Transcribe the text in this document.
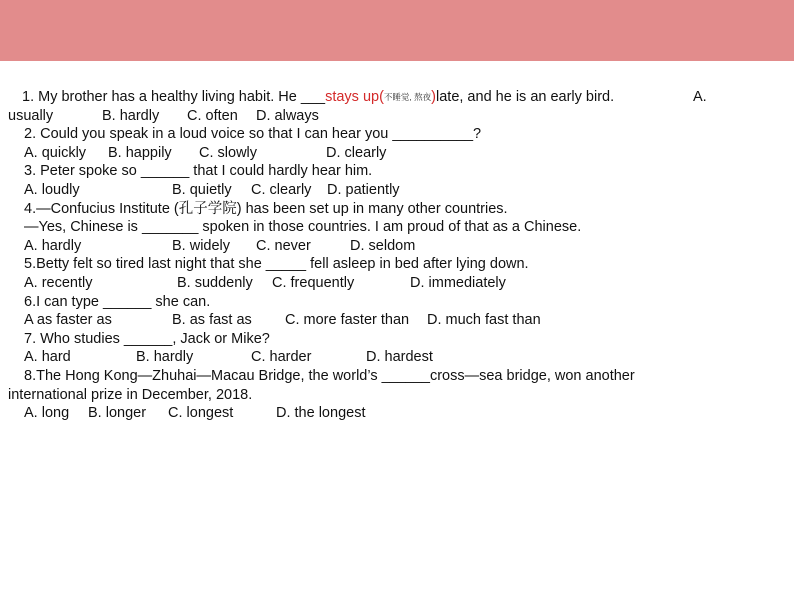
1. My brother has a healthy living habit. He ___stays up(不睡觉, 熬夜)late, and he is an early bird.	A.
usually	B. hardly C. often D. always
2. Could you speak in a loud voice so that I can hear you __________?
A. quickly B. happily C. slowly	D. clearly
3. Peter spoke so ______ that I could hardly hear him.
A. loudly	B. quietly C. clearly D. patiently
4.—Confucius Institute (孔子学院) has been set up in many other countries.
—Yes, Chinese is _______ spoken in those countries. I am proud of that as a Chinese.
A. hardly	B. widely C. never	D. seldom
5.Betty felt so tired last night that she _____ fell asleep in bed after lying down.
A. recently	B. suddenly C. frequently	D. immediately
6.I can type ______ she can.
A as faster as	B. as fast as C. more faster than D. much fast than
7. Who studies ______, Jack or Mike?
A. hard	B. hardly	C. harder	D. hardest
8.The Hong Kong—Zhuhai—Macau Bridge, the world’s ______cross—sea bridge, won another
international prize in December, 2018.
A. long B. longer C. longest	D. the longest
